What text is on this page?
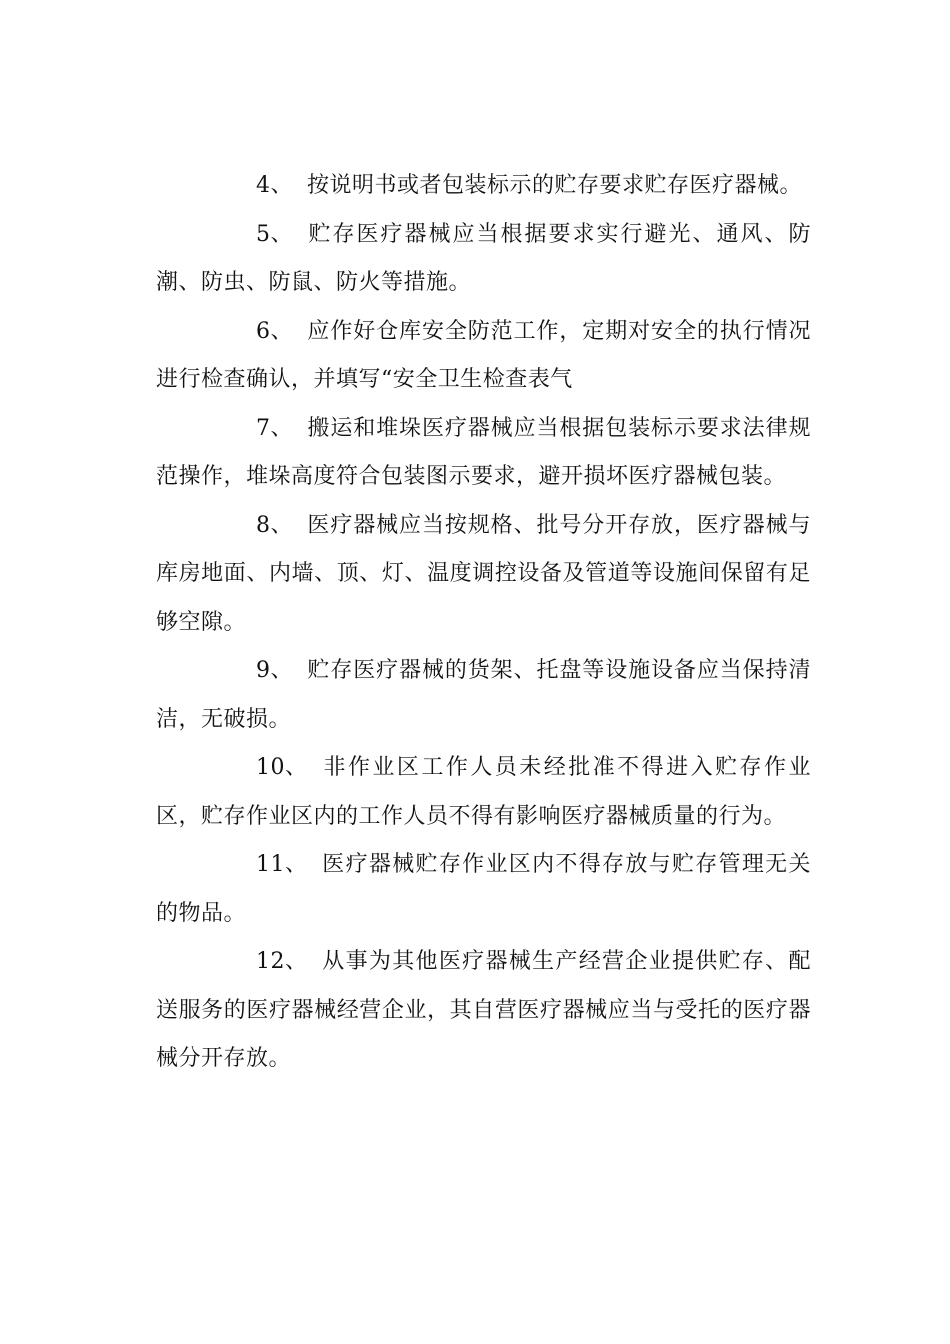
4、 按说明书或者包装标示的贮存要求贮存医疗器械。

5、 贮存医疗器械应当根据要求实行避光、通风、防潮、防虫、防鼠、防火等措施。

6、 应作好仓库安全防范工作，定期对安全的执行情况进行检查确认，并填写“安全卫生检查表气

7、 搬运和堆垛医疗器械应当根据包装标示要求法律规范操作，堆垛高度符合包装图示要求，避开损坏医疗器械包装。

8、 医疗器械应当按规格、批号分开存放，医疗器械与库房地面、内墙、顶、灯、温度调控设备及管道等设施间保留有足够空隙。

9、 贮存医疗器械的货架、托盘等设施设备应当保持清洁，无破损。

10、 非作业区工作人员未经批准不得进入贮存作业区，贮存作业区内的工作人员不得有影响医疗器械质量的行为。

11、 医疗器械贮存作业区内不得存放与贮存管理无关的物品。

12、 从事为其他医疗器械生产经营企业提供贮存、配送服务的医疗器械经营企业，其自营医疗器械应当与受托的医疗器械分开存放。
